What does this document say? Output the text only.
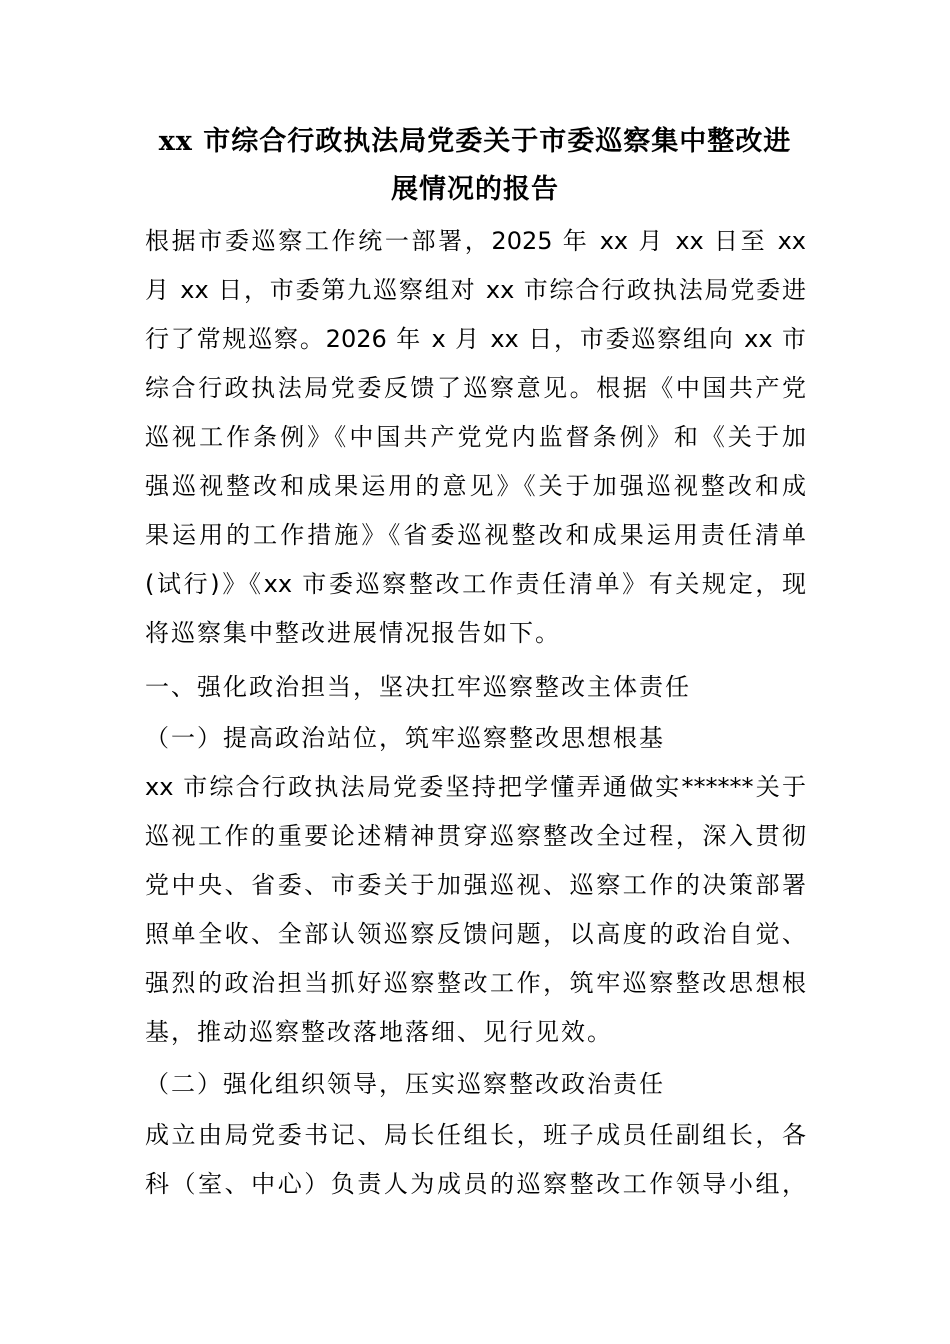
xx 市综合行政执法局党委关于市委巡察集中整改进
展情况的报告
根据市委巡察工作统一部署，2025 年 xx 月 xx 日至 xx
月 xx 日，市委第九巡察组对 xx 市综合行政执法局党委进
行了常规巡察。2026 年 x 月 xx 日，市委巡察组向 xx 市
综合行政执法局党委反馈了巡察意见。根据《中国共产党
巡视工作条例》《中国共产党党内监督条例》和《关于加
强巡视整改和成果运用的意见》《关于加强巡视整改和成
果运用的工作措施》《省委巡视整改和成果运用责任清单
(试行)》《xx 市委巡察整改工作责任清单》有关规定，现
将巡察集中整改进展情况报告如下。
一、强化政治担当，坚决扛牢巡察整改主体责任
（一）提高政治站位，筑牢巡察整改思想根基
xx 市综合行政执法局党委坚持把学懂弄通做实******关于
巡视工作的重要论述精神贯穿巡察整改全过程，深入贯彻
党中央、省委、市委关于加强巡视、巡察工作的决策部署
照单全收、全部认领巡察反馈问题，以高度的政治自觉、
强烈的政治担当抓好巡察整改工作，筑牢巡察整改思想根
基，推动巡察整改落地落细、见行见效。
（二）强化组织领导，压实巡察整改政治责任
成立由局党委书记、局长任组长，班子成员任副组长，各
科（室、中心）负责人为成员的巡察整改工作领导小组，
